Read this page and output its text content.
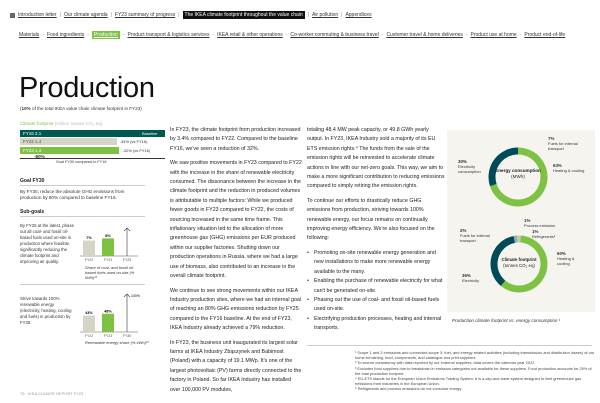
Introduction letter | Our climate agenda | FY23 summary of progress |	The IKEA climate footprint throughout the value chain	| Air pollution | Appendices
Materials - Food ingredients -	Production	- Product transport & logistics services - IKEA retail & other operations - Co-worker commuting & business travel - Customer travel & home deliveries - Product use at home - Product end-of-life
Production
(10% of the total IKEA value chain climate footprint in FY23)
Climate footprint (million tonnes CO₂ eq)
FY16 2.1	Baseline
FY22 1.4	-34% (vs FY16)
FY23 1.4	-32% (vs FY16)
-80%
Goal FY30 compared to FY16
Goal FY30
By FY30, reduce the absolute GHG emissions from production by 80% compared to baseline FY16.
Sub-goals
By FY25 at the latest, phase out all coal- and fossil oil-based fuels used on-site in production where feasible, significantly reducing the climate footprint and improving air quality.
7%
FY22
8%
FY23	FY25
Share of coal- and fossil oil-based fuels used on-site (% kWh)²³
Strive towards 100% renewable energy (electricity, heating, cooling and fuels) in production by FY30.
43%
FY22
48%
FY23
100%
FY30
Renewable energy share (% kWh)²³

In FY23, the climate footprint from production increased by 3.4% compared to FY22. Compared to the baseline FY16, we've seen a reduction of 32%.

We saw positive movements in FY23 compared to FY22 with the increase in the share of renewable electricity consumed. The dissonance between the increase in the climate footprint and the reduction in produced volumes is attributable to multiple factors: While we produced fewer goods in FY23 compared to FY22, the costs of sourcing increased in the same time frame. This inflationary situation led to the allocation of more greenhouse gas (GHG) emissions per EUR produced within our supplier factories. Shutting down our production operations in Russia, where we had a large use of biomass, also contributed to an increase in the overall climate footprint.

We continue to see strong movements within our IKEA Industry production sites, where we had an internal goal of reaching an 80% GHG emissions reduction by FY25 compared to the FY16 baseline. At the end of FY23, IKEA Industry already achieved a 79% reduction.

In FY23, the business unit inaugurated its largest solar farms at IKEA Industry Zbąszynek and Babimost (Poland) with a capacity of 19.1 MWp. It's one of the largest photovoltaic (PV) farms directly connected to the factory in Poland. So far IKEA Industry has installed over 100,000 PV modules,

totaling 48.4 MW peak capacity, or 49.8 GWh yearly output. In FY23, IKEA Industry sold a majority of its EU ETS emission rights.⁴ The funds from the sale of the emission rights will be reinvested to accelerate climate actions in line with our net-zero goals. This way, we aim to make a more significant contribution to reducing emissions compared to simply retiring the emission rights.

To continue our efforts to drastically reduce GHG emissions from production, striving towards 100% renewable energy, our focus remains on continually improving energy efficiency. We're also focused on the following:

• Promoting on-site renewable energy generation and new installations to make more renewable energy available to the many.
• Enabling the purchase of renewable electricity for what can't be generated on-site.
• Phasing out the use of coal- and fossil oil-based fuels used on-site.
• Electrifying production processes, heating and internal transports.
Energy consumption
(MWh)
7%
Fuels for internal transport
63%
Heating & cooling
30%
Electricity consumption
Climate footprint
(tonnes CO₂ eq)
1%
Process emission
1%
Refrigerants⁵
2%
Fuels for internal transport
60%
Heating & cooling
36%
Electricity
Production climate footprint vs. energy consumption ¹
¹ Scope 1 and 2 emissions and connected scope 3: fuel- and energy-related activities (including transmission and distribution losses) of our home-furnishing, food, components, and catalogue and print suppliers.
² To secure consistency with data reported by our external suppliers, data covers the calendar year 2022.
³ Excludes food suppliers due to breakdown in emission categories not available for these suppliers. Food production accounts for 29% of the total production footprint.
⁴ EU-ETS stands for the European Union Emissions Trading System. It is a cap-and-trade system designed to limit greenhouse gas emissions from industries in the European Union.
⁵ Refrigerants and process emissions do not consume energy.
78 · IKEA CLIMATE REPORT FY23
